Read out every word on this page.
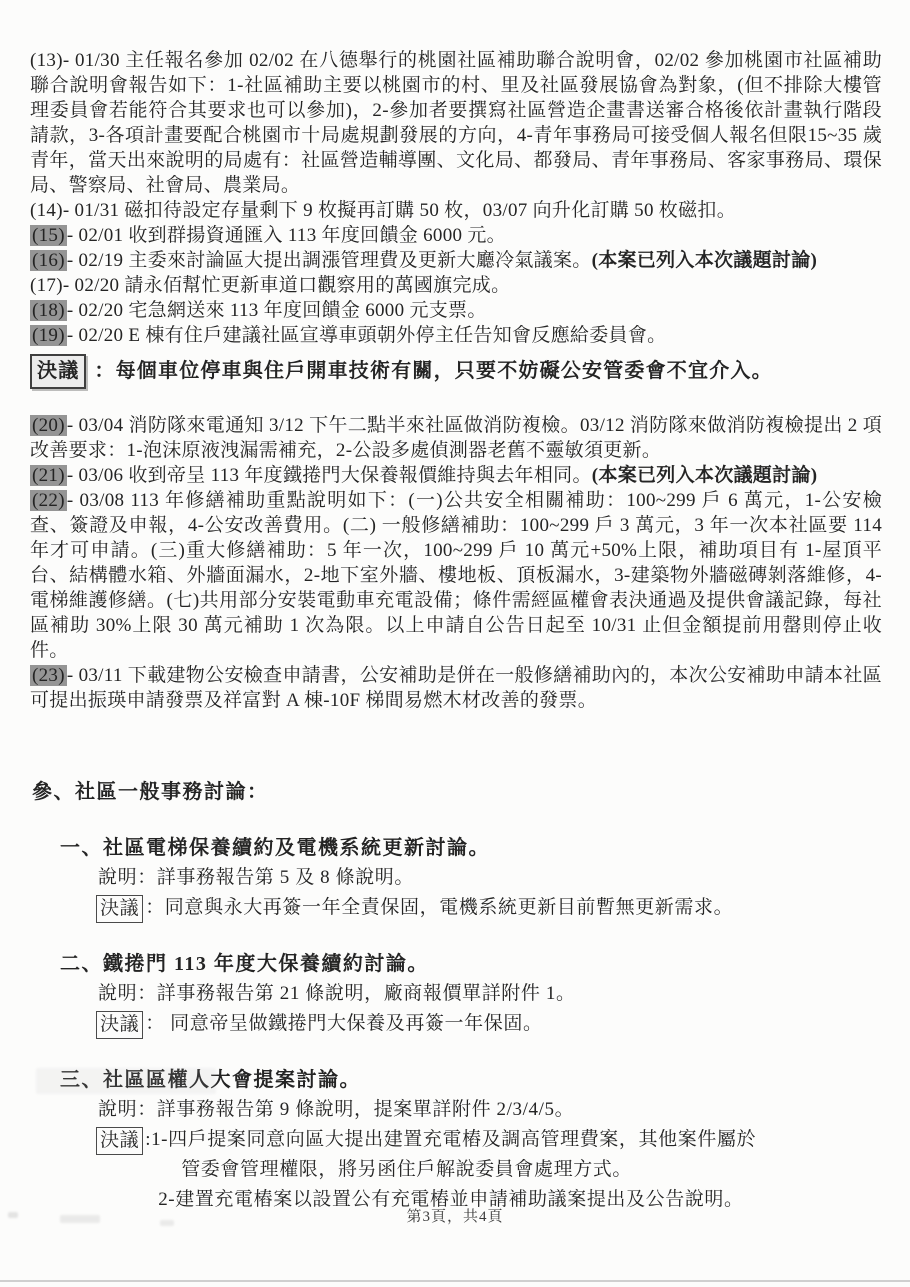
(13)- 01/30 主任報名參加 02/02 在八德舉行的桃園社區補助聯合說明會，02/02 參加桃園市社區補助聯合說明會報告如下：1-社區補助主要以桃園市的村、里及社區發展協會為對象，(但不排除大樓管理委員會若能符合其要求也可以參加)，2-參加者要撰寫社區營造企畫書送審合格後依計畫執行階段請款，3-各項計畫要配合桃園市十局處規劃發展的方向，4-青年事務局可接受個人報名但限15~35 歲青年，當天出來說明的局處有：社區營造輔導團、文化局、都發局、青年事務局、客家事務局、環保局、警察局、社會局、農業局。

(14)- 01/31 磁扣待設定存量剩下 9 枚擬再訂購 50 枚，03/07 向升化訂購 50 枚磁扣。

(15) - 02/01 收到群揚資通匯入 113 年度回饋金 6000 元。

(16) - 02/19 主委來討論區大提出調漲管理費及更新大廳冷氣議案。(本案已列入本次議題討論)

(17)- 02/20 請永佰幫忙更新車道口觀察用的萬國旗完成。

(18) - 02/20 宅急網送來 113 年度回饋金 6000 元支票。

(19) - 02/20 E 棟有住戶建議社區宣導車頭朝外停主任告知會反應給委員會。

決議 ：每個車位停車與住戶開車技術有關，只要不妨礙公安管委會不宜介入。

(20) - 03/04 消防隊來電通知 3/12 下午二點半來社區做消防複檢。03/12 消防隊來做消防複檢提出 2 項改善要求：1-泡沫原液洩漏需補充，2-公設多處偵測器老舊不靈敏須更新。

(21) - 03/06 收到帝呈 113 年度鐵捲門大保養報價維持與去年相同。(本案已列入本次議題討論)

(22) - 03/08 113 年修繕補助重點說明如下：(一)公共安全相關補助：100~299 戶 6 萬元，1-公安檢查、簽證及申報，4-公安改善費用。(二) 一般修繕補助：100~299 戶 3 萬元，3 年一次本社區要 114 年才可申請。(三)重大修繕補助：5 年一次，100~299 戶 10 萬元+50%上限，補助項目有 1-屋頂平台、結構體水箱、外牆面漏水，2-地下室外牆、樓地板、頂板漏水，3-建築物外牆磁磚剝落維修，4-電梯維護修繕。(七)共用部分安裝電動車充電設備；條件需經區權會表決通過及提供會議記錄，每社區補助 30%上限 30 萬元補助 1 次為限。以上申請自公告日起至 10/31 止但金額提前用罄則停止收件。

(23) - 03/11 下載建物公安檢查申請書，公安補助是併在一般修繕補助內的，本次公安補助申請本社區可提出振瑛申請發票及祥富對 A 棟-10F 梯間易燃木材改善的發票。

參、社區一般事務討論：
一、社區電梯保養續約及電機系統更新討論。

說明：詳事務報告第 5 及 8 條說明。

決議 ：同意與永大再簽一年全責保固，電機系統更新目前暫無更新需求。
二、鐵捲門 113 年度大保養續約討論。

說明：詳事務報告第 21 條說明，廠商報價單詳附件 1。

決議 ： 同意帝呈做鐵捲門大保養及再簽一年保固。
三、社區區權人大會提案討論。

說明：詳事務報告第 9 條說明，提案單詳附件 2/3/4/5。

決議 :1-四戶提案同意向區大提出建置充電樁及調高管理費案，其他案件屬於
管委會管理權限，將另函住戶解說委員會處理方式。
2-建置充電樁案以設置公有充電樁並申請補助議案提出及公告說明。
第3頁，共4頁
